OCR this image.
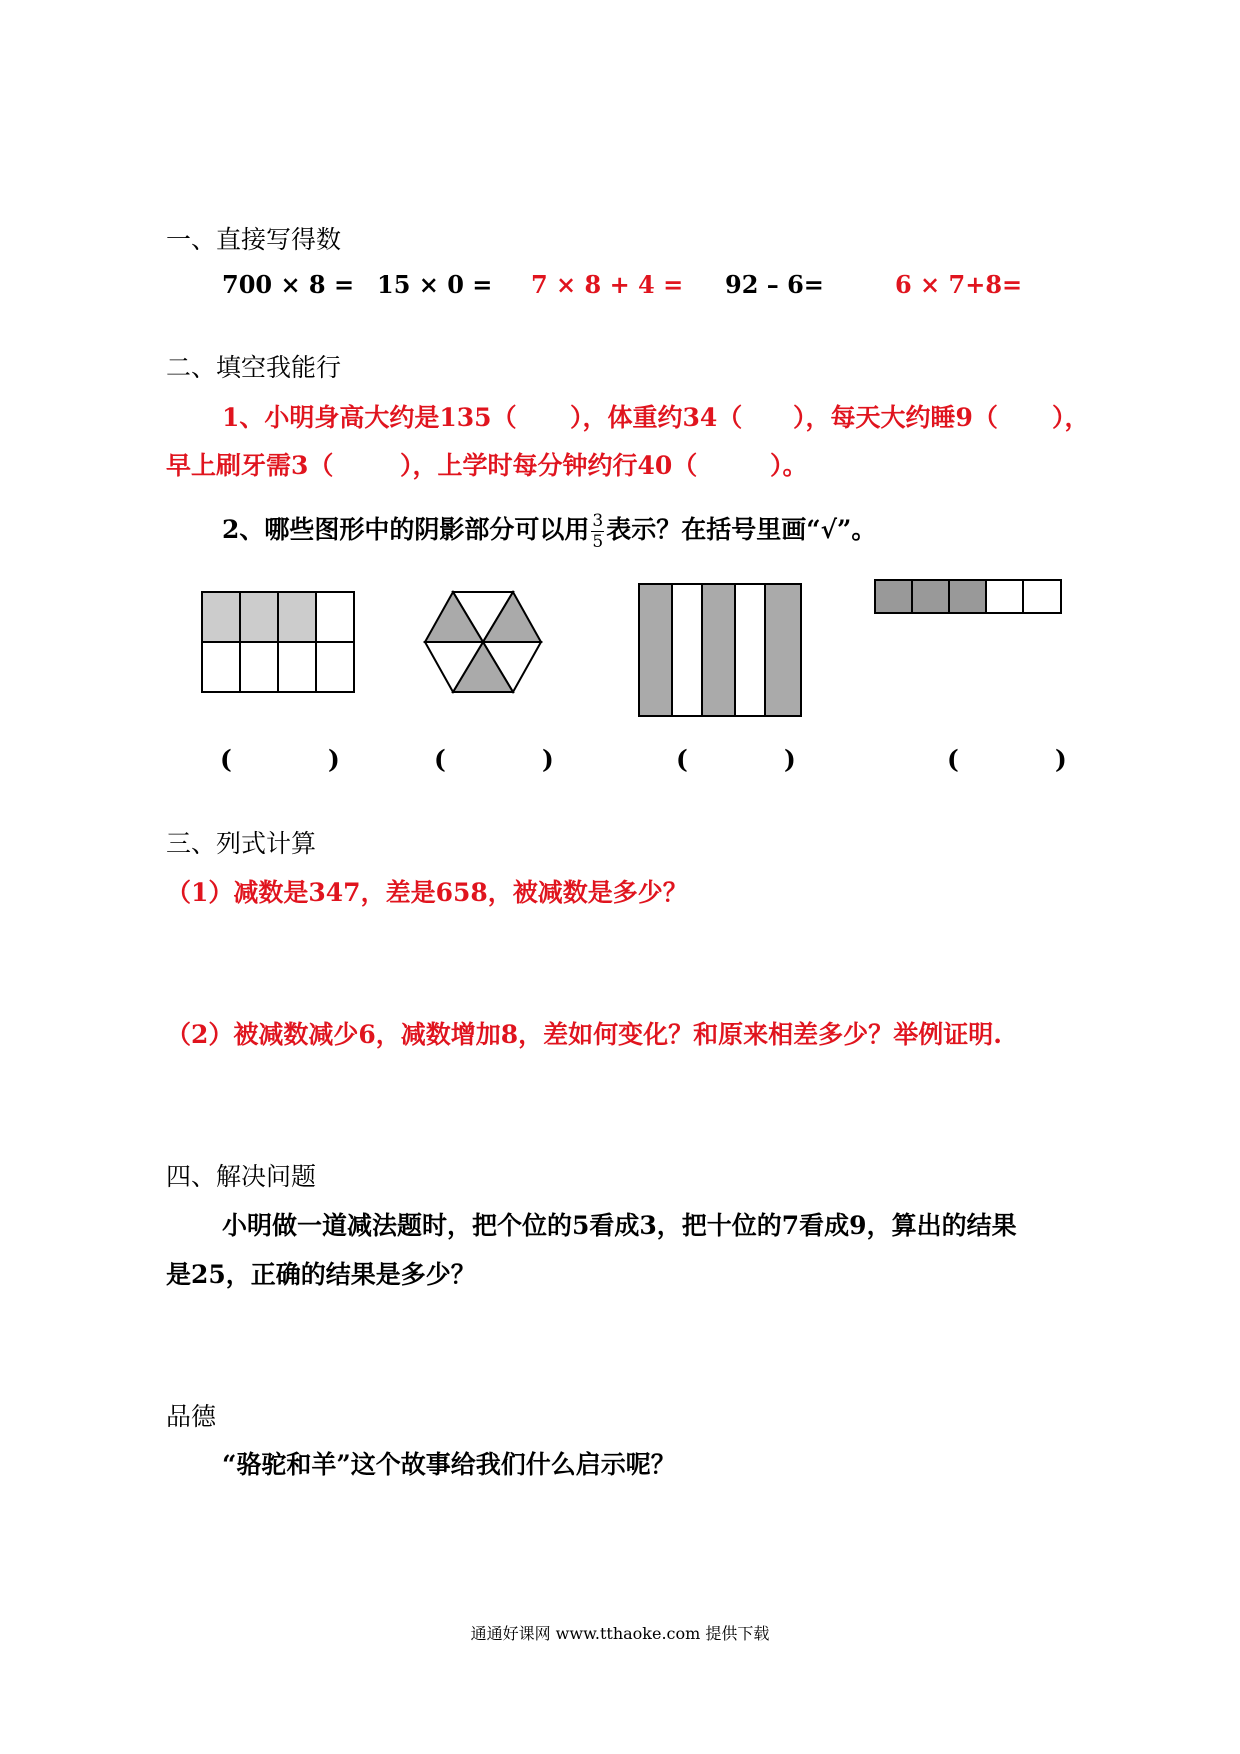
一、直接写得数
700 × 8 = 15 × 0 = 7 × 8 + 4 = 92 – 6=	6 × 7+8=
二、填空我能行
1、小明身高大约是135（ ），体重约34（ ），每天大约睡9（ ），
早上刷牙需3（	），上学时每分钟约行40（	）。
2、哪些图形中的阴影部分可以用 $\frac{3}{5}$ 表示？在括号里画“√”。
(	)	(	)	(	)	(	)
三、列式计算
（1）减数是347，差是658，被减数是多少？
（2）被减数减少6，减数增加8，差如何变化？和原来相差多少？举例证明.
四、解决问题
小明做一道减法题时，把个位的5看成3，把十位的7看成9，算出的结果
是25，正确的结果是多少？
品德
“骆驼和羊”这个故事给我们什么启示呢？
通通好课网 www.tthaoke.com 提供下载
